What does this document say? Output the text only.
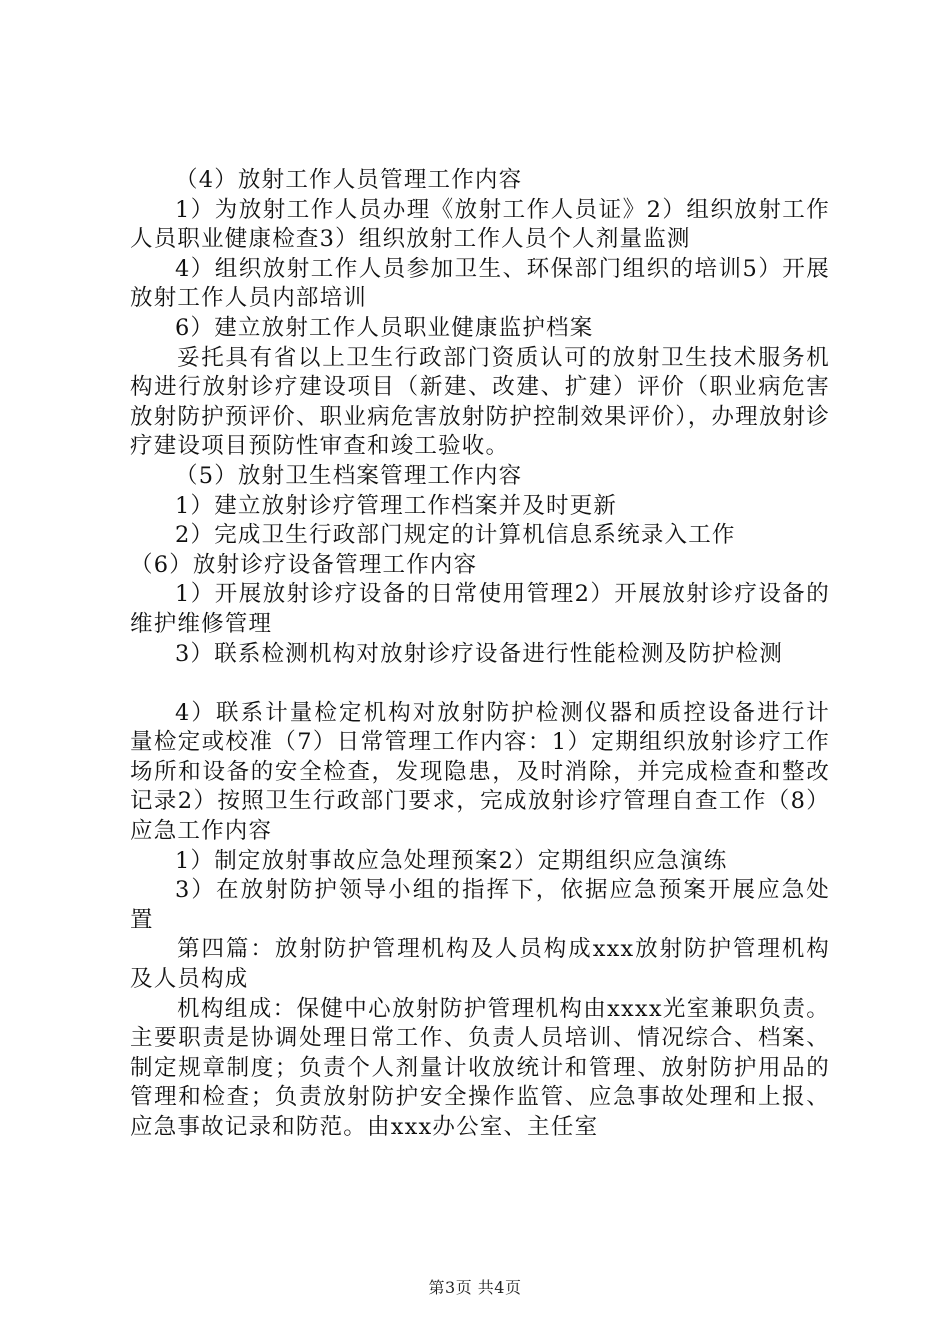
（4）放射工作人员管理工作内容

1）为放射工作人员办理《放射工作人员证》2）组织放射工作人员职业健康检查3）组织放射工作人员个人剂量监测

4）组织放射工作人员参加卫生、环保部门组织的培训5）开展放射工作人员内部培训

6）建立放射工作人员职业健康监护档案

妥托具有省以上卫生行政部门资质认可的放射卫生技术服务机构进行放射诊疗建设项目（新建、改建、扩建）评价（职业病危害放射防护预评价、职业病危害放射防护控制效果评价），办理放射诊疗建设项目预防性审查和竣工验收。

（5）放射卫生档案管理工作内容

1）建立放射诊疗管理工作档案并及时更新

2）完成卫生行政部门规定的计算机信息系统录入工作

（6）放射诊疗设备管理工作内容

1）开展放射诊疗设备的日常使用管理2）开展放射诊疗设备的维护维修管理

3）联系检测机构对放射诊疗设备进行性能检测及防护检测

4）联系计量检定机构对放射防护检测仪器和质控设备进行计量检定或校准（7）日常管理工作内容：1）定期组织放射诊疗工作场所和设备的安全检查，发现隐患，及时消除，并完成检查和整改记录2）按照卫生行政部门要求，完成放射诊疗管理自查工作（8）应急工作内容

1）制定放射事故应急处理预案2）定期组织应急演练

3）在放射防护领导小组的指挥下，依据应急预案开展应急处置

第四篇：放射防护管理机构及人员构成xxx放射防护管理机构及人员构成

机构组成：保健中心放射防护管理机构由xxxx光室兼职负责。主要职责是协调处理日常工作、负责人员培训、情况综合、档案、制定规章制度；负责个人剂量计收放统计和管理、放射防护用品的管理和检查；负责放射防护安全操作监管、应急事故处理和上报、应急事故记录和防范。由xxx办公室、主任室

第3页 共4页
